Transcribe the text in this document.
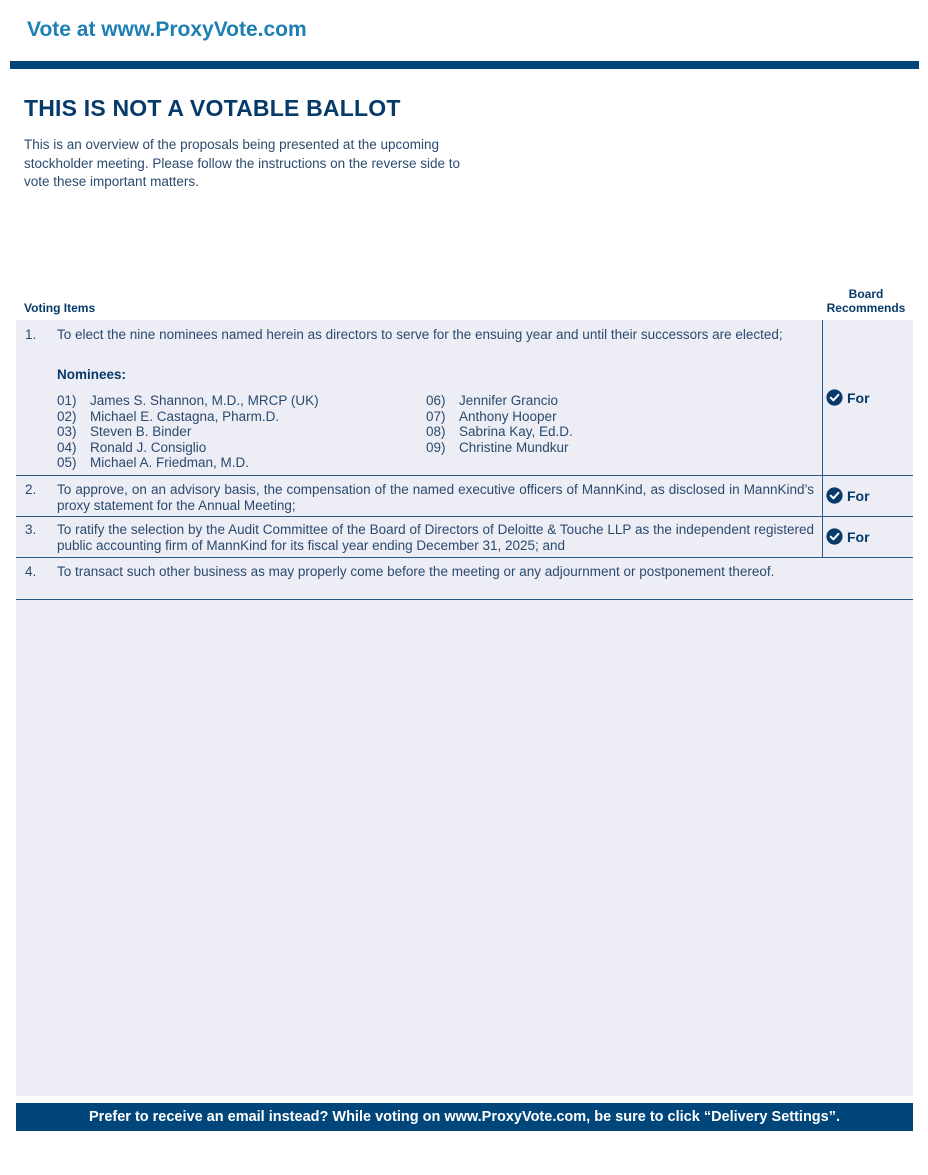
Vote at www.ProxyVote.com
THIS IS NOT A VOTABLE BALLOT

This is an overview of the proposals being presented at the upcoming stockholder meeting. Please follow the instructions on the reverse side to vote these important matters.

Voting Items
Board
Recommends
1. To elect the nine nominees named herein as directors to serve for the ensuing year and until their successors are elected;
Nominees:
01) James S. Shannon, M.D., MRCP (UK)
02) Michael E. Castagna, Pharm.D.
03) Steven B. Binder
04) Ronald J. Consiglio
05) Michael A. Friedman, M.D.
06) Jennifer Grancio
07) Anthony Hooper
08) Sabrina Kay, Ed.D.
09) Christine Mundkur
For
2. To approve, on an advisory basis, the compensation of the named executive officers of MannKind, as disclosed in MannKind’s proxy statement for the Annual Meeting;
For
3. To ratify the selection by the Audit Committee of the Board of Directors of Deloitte & Touche LLP as the independent registered public accounting firm of MannKind for its fiscal year ending December 31, 2025; and
For
4. To transact such other business as may properly come before the meeting or any adjournment or postponement thereof.
Prefer to receive an email instead? While voting on www.ProxyVote.com, be sure to click “Delivery Settings”.
